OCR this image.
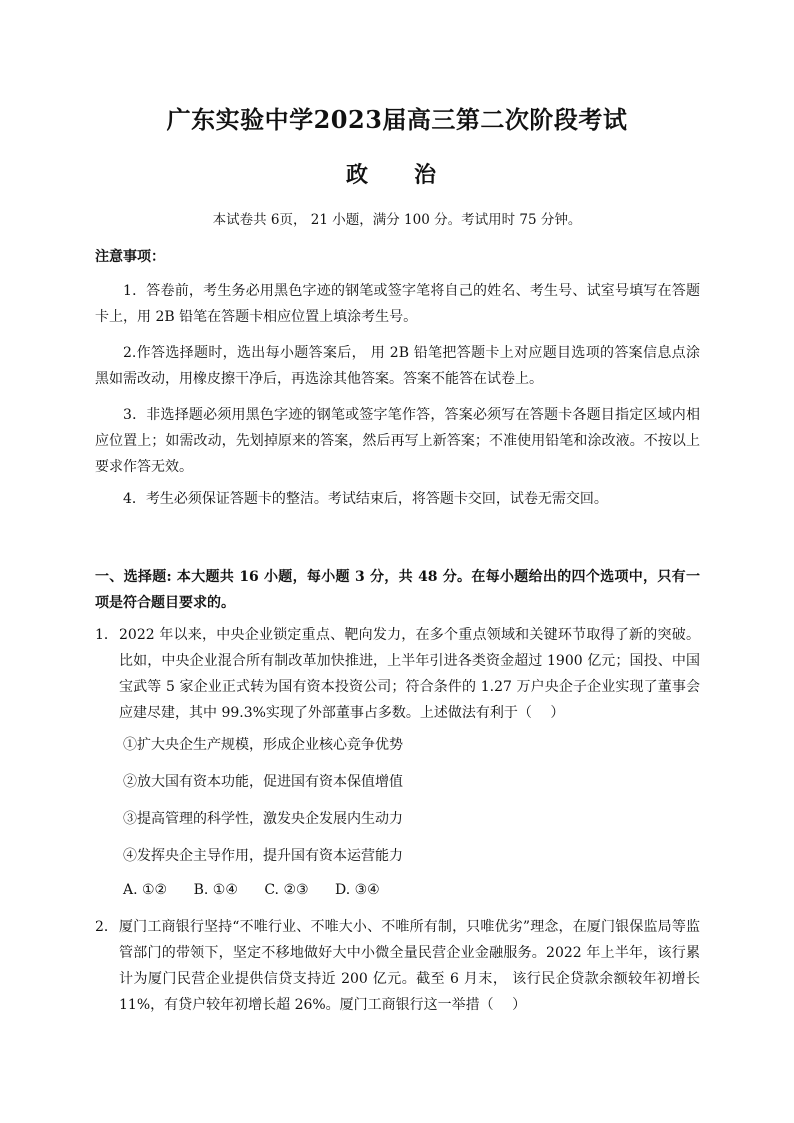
广东实验中学2023届高三第二次阶段考试
政　治
本试卷共 6页， 21 小题，满分 100 分。考试用时 75 分钟。
注意事项：
1．答卷前，考生务必用黑色字迹的钢笔或签字笔将自己的姓名、考生号、试室号填写在答题卡上，用 2B 铅笔在答题卡相应位置上填涂考生号。
2.作答选择题时，选出每小题答案后， 用 2B 铅笔把答题卡上对应题目选项的答案信息点涂黑如需改动，用橡皮擦干净后，再选涂其他答案。答案不能答在试卷上。
3．非选择题必须用黑色字迹的钢笔或签字笔作答，答案必须写在答题卡各题目指定区域内相应位置上；如需改动，先划掉原来的答案，然后再写上新答案；不准使用铅笔和涂改液。不按以上要求作答无效。
4．考生必须保证答题卡的整洁。考试结束后，将答题卡交回，试卷无需交回。
一、选择题: 本大题共 16 小题，每小题 3 分，共 48 分。在每小题给出的四个选项中，只有一项是符合题目要求的。
1． 2022 年以来，中央企业锁定重点、靶向发力，在多个重点领域和关键环节取得了新的突破。比如，中央企业混合所有制改革加快推进，上半年引进各类资金超过 1900 亿元；国投、中国宝武等 5 家企业正式转为国有资本投资公司；符合条件的 1.27 万户央企子企业实现了董事会应建尽建，其中 99.3%实现了外部董事占多数。上述做法有利于（　 ）
①扩大央企生产规模，形成企业核心竞争优势
②放大国有资本功能，促进国有资本保值增值
③提高管理的科学性，激发央企发展内生动力
④发挥央企主导作用，提升国有资本运营能力
A. ①② B. ①④ C. ②③ D. ③④
2． 厦门工商银行坚持“不唯行业、不唯大小、不唯所有制，只唯优劣”理念，在厦门银保监局等监管部门的带领下，坚定不移地做好大中小微全量民营企业金融服务。2022 年上半年，该行累计为厦门民营企业提供信贷支持近 200 亿元。截至 6 月末， 该行民企贷款余额较年初增长 11%，有贷户较年初增长超 26%。厦门工商银行这一举措（　 ）
